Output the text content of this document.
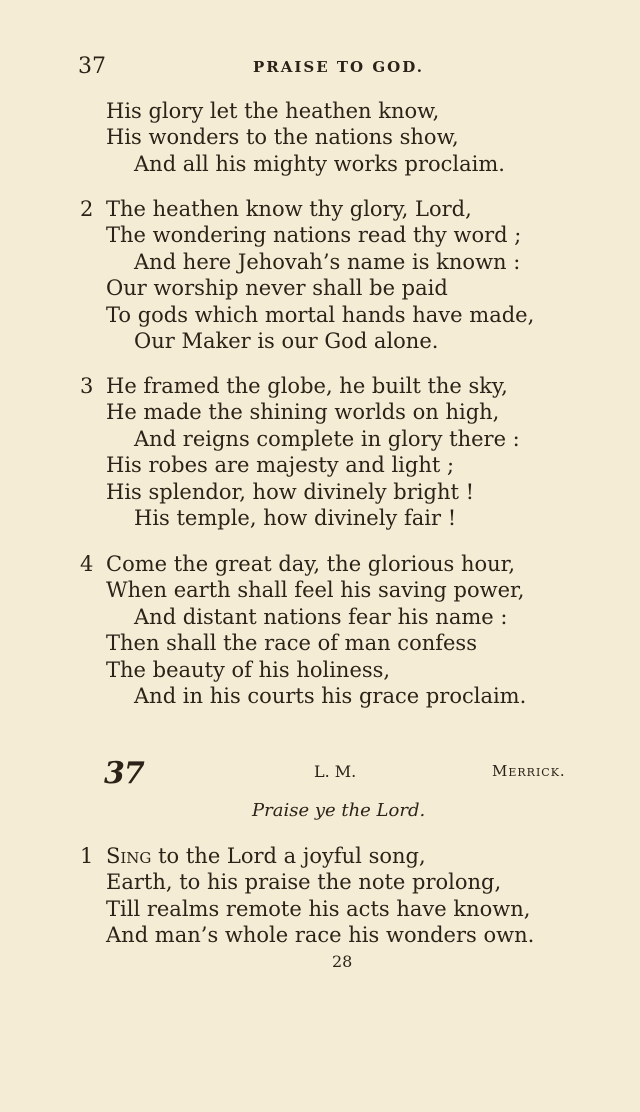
37	PRAISE TO GOD.
His glory let the heathen know,
His wonders to the nations show,
And all his mighty works proclaim.
2 The heathen know thy glory, Lord,
The wondering nations read thy word ;
And here Jehovah’s name is known :
Our worship never shall be paid
To gods which mortal hands have made,
Our Maker is our God alone.
3 He framed the globe, he built the sky,
He made the shining worlds on high,
And reigns complete in glory there :
His robes are majesty and light ;
His splendor, how divinely bright !
His temple, how divinely fair !
4 Come the great day, the glorious hour,
When earth shall feel his saving power,
And distant nations fear his name :
Then shall the race of man confess
The beauty of his holiness,
And in his courts his grace proclaim.
37	L. M.	Merrick.
Praise ye the Lord.
1 Sing to the Lord a joyful song,
Earth, to his praise the note prolong,
Till realms remote his acts have known,
And man’s whole race his wonders own.
28
